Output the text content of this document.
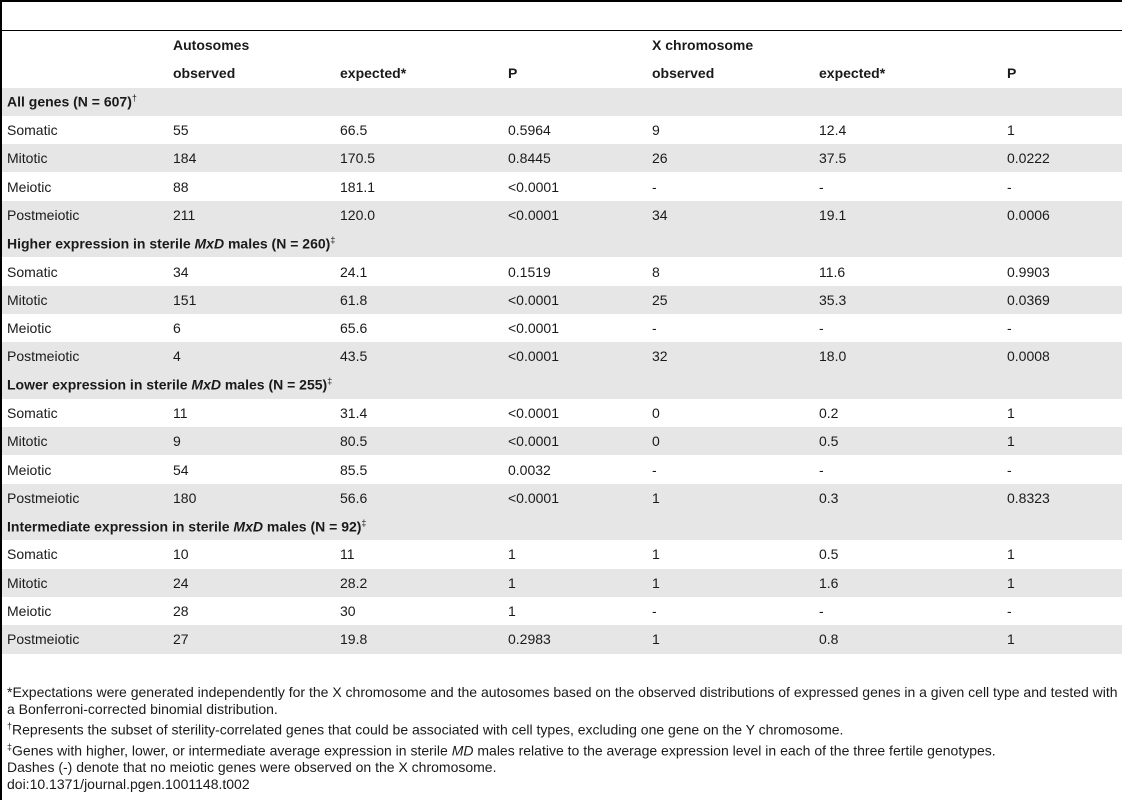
	Autosomes			X chromosome		
	observed	expected*	P	observed	expected*	P
All genes (N = 607)†
Somatic	55	66.5	0.5964	9	12.4	1
Mitotic	184	170.5	0.8445	26	37.5	0.0222
Meiotic	88	181.1	<0.0001	-	-	-
Postmeiotic	211	120.0	<0.0001	34	19.1	0.0006
Higher expression in sterile MxD males (N = 260)‡
Somatic	34	24.1	0.1519	8	11.6	0.9903
Mitotic	151	61.8	<0.0001	25	35.3	0.0369
Meiotic	6	65.6	<0.0001	-	-	-
Postmeiotic	4	43.5	<0.0001	32	18.0	0.0008
Lower expression in sterile MxD males (N = 255)‡
Somatic	11	31.4	<0.0001	0	0.2	1
Mitotic	9	80.5	<0.0001	0	0.5	1
Meiotic	54	85.5	0.0032	-	-	-
Postmeiotic	180	56.6	<0.0001	1	0.3	0.8323
Intermediate expression in sterile MxD males (N = 92)‡
Somatic	10	11	1	1	0.5	1
Mitotic	24	28.2	1	1	1.6	1
Meiotic	28	30	1	-	-	-
Postmeiotic	27	19.8	0.2983	1	0.8	1

*Expectations were generated independently for the X chromosome and the autosomes based on the observed distributions of expressed genes in a given cell type and tested with a Bonferroni-corrected binomial distribution.

†Represents the subset of sterility-correlated genes that could be associated with cell types, excluding one gene on the Y chromosome.

‡Genes with higher, lower, or intermediate average expression in sterile MD males relative to the average expression level in each of the three fertile genotypes.

Dashes (-) denote that no meiotic genes were observed on the X chromosome.

doi:10.1371/journal.pgen.1001148.t002
